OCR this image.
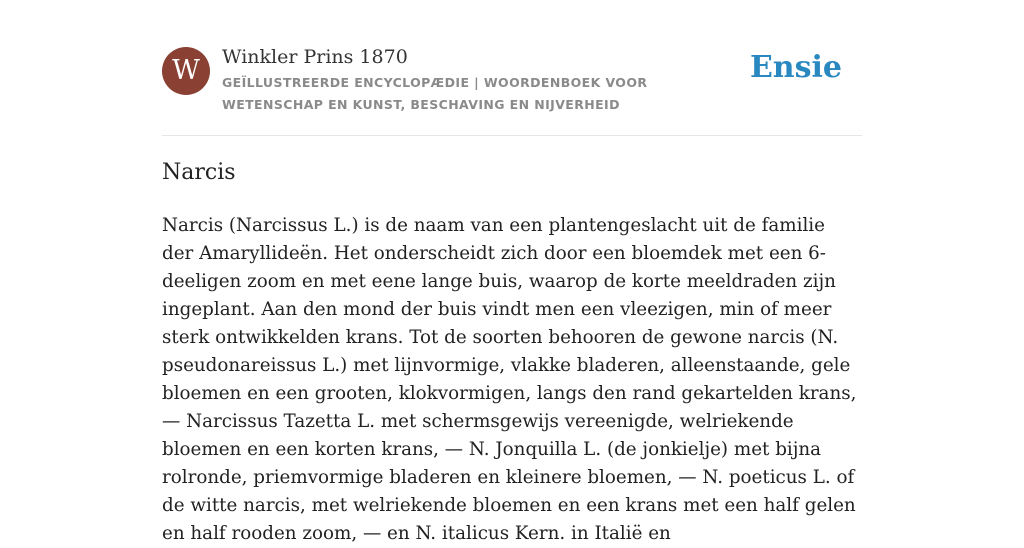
W	Winkler Prins 1870
GEÏLLUSTREERDE ENCYCLOPÆDIE | WOORDENBOEK VOOR WETENSCHAP EN KUNST, BESCHAVING EN NIJVERHEID
Ensie
Narcis

Narcis (Narcissus L.) is de naam van een plantengeslacht uit de familie der Amaryllideën. Het onderscheidt zich door een bloemdek met een 6-deeligen zoom en met eene lange buis, waarop de korte meeldraden zijn ingeplant. Aan den mond der buis vindt men een vleezigen, min of meer sterk ontwikkelden krans. Tot de soorten behooren de gewone narcis (N. pseudonareissus L.) met lijnvormige, vlakke bladeren, alleenstaande, gele bloemen en een grooten, klokvormigen, langs den rand gekartelden krans, — Narcissus Tazetta L. met schermsgewijs vereenigde, welriekende bloemen en een korten krans, — N. Jonquilla L. (de jonkielje) met bijna rolronde, priemvormige bladeren en kleinere bloemen, — N. poeticus L. of de witte narcis, met welriekende bloemen en een krans met een half gelen en half rooden zoom, — en N. italicus Kern. in Italië en
